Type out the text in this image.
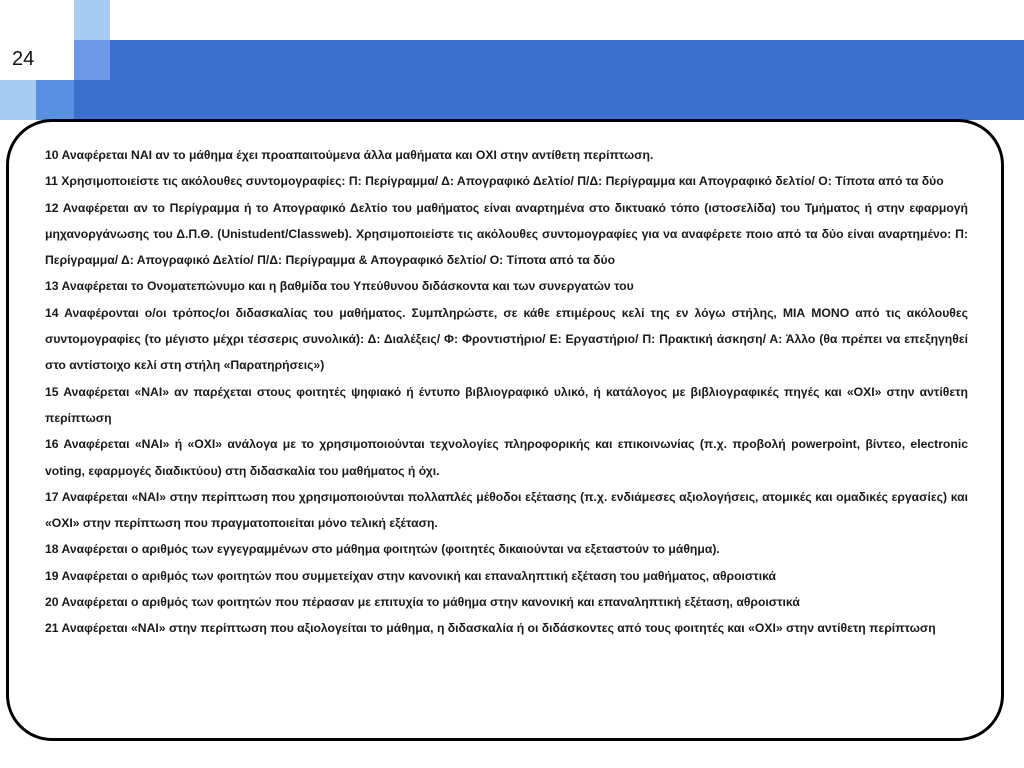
24

10 Αναφέρεται ΝΑΙ αν το μάθημα έχει προαπαιτούμενα άλλα μαθήματα και ΟΧΙ στην αντίθετη περίπτωση.

11 Χρησιμοποιείστε τις ακόλουθες συντομογραφίες: Π: Περίγραμμα/ Δ: Απογραφικό Δελτίο/ Π/Δ: Περίγραμμα και Απογραφικό δελτίο/ Ο: Τίποτα από τα δύο

12 Αναφέρεται αν το Περίγραμμα ή το Απογραφικό Δελτίο του μαθήματος είναι αναρτημένα στο δικτυακό τόπο (ιστοσελίδα) του Τμήματος ή στην εφαρμογή μηχανοργάνωσης του Δ.Π.Θ. (Unistudent/Classweb). Χρησιμοποιείστε τις ακόλουθες συντομογραφίες για να αναφέρετε ποιο από τα δύο είναι αναρτημένο: Π: Περίγραμμα/ Δ: Απογραφικό Δελτίο/ Π/Δ: Περίγραμμα & Απογραφικό δελτίο/ Ο: Τίποτα από τα δύο

13 Αναφέρεται το Ονοματεπώνυμο και η βαθμίδα του Υπεύθυνου διδάσκοντα και των συνεργατών του

14 Αναφέρονται ο/οι τρόπος/οι διδασκαλίας του μαθήματος. Συμπληρώστε, σε κάθε επιμέρους κελί της εν λόγω στήλης, ΜΙΑ ΜΟΝΟ από τις ακόλουθες συντομογραφίες (το μέγιστο μέχρι τέσσερις συνολικά): Δ: Διαλέξεις/ Φ: Φροντιστήριο/ Ε: Εργαστήριο/ Π: Πρακτική άσκηση/ Α: Άλλο (θα πρέπει να επεξηγηθεί στο αντίστοιχο κελί στη στήλη «Παρατηρήσεις»)

15 Αναφέρεται «ΝΑΙ» αν παρέχεται στους φοιτητές ψηφιακό ή έντυπο βιβλιογραφικό υλικό, ή κατάλογος με βιβλιογραφικές πηγές και «ΟΧΙ» στην αντίθετη περίπτωση

16 Αναφέρεται «ΝΑΙ» ή «ΟΧΙ» ανάλογα με το χρησιμοποιούνται τεχνολογίες πληροφορικής και επικοινωνίας (π.χ. προβολή powerpoint, βίντεο, electronic voting, εφαρμογές διαδικτύου) στη διδασκαλία του μαθήματος ή όχι.

17 Αναφέρεται «ΝΑΙ» στην περίπτωση που χρησιμοποιούνται πολλαπλές μέθοδοι εξέτασης (π.χ. ενδιάμεσες αξιολογήσεις, ατομικές και ομαδικές εργασίες) και «ΟΧΙ» στην περίπτωση που πραγματοποιείται μόνο τελική εξέταση.

18 Αναφέρεται ο αριθμός των εγγεγραμμένων στο μάθημα φοιτητών (φοιτητές δικαιούνται να εξεταστούν το μάθημα).

19 Αναφέρεται ο αριθμός των φοιτητών που συμμετείχαν στην κανονική και επαναληπτική εξέταση του μαθήματος, αθροιστικά

20 Αναφέρεται ο αριθμός των φοιτητών που πέρασαν με επιτυχία το μάθημα στην κανονική και επαναληπτική εξέταση, αθροιστικά

21 Αναφέρεται «ΝΑΙ» στην περίπτωση που αξιολογείται το μάθημα, η διδασκαλία ή οι διδάσκοντες από τους φοιτητές και «ΟΧΙ» στην αντίθετη περίπτωση
